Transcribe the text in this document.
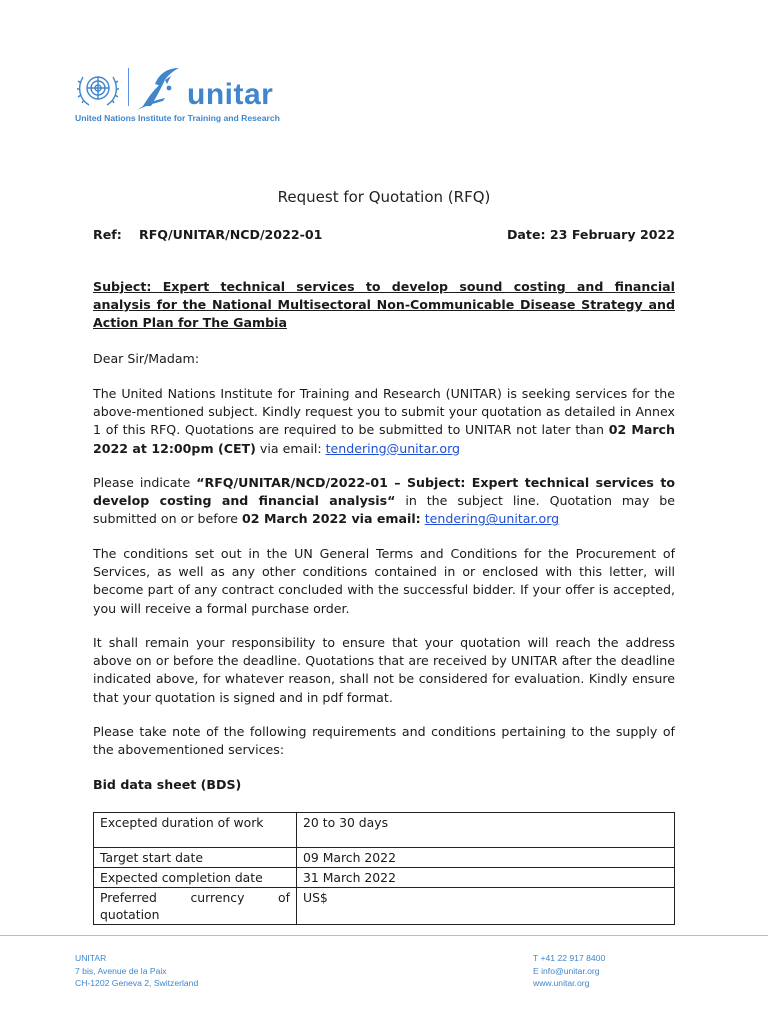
unitar
United Nations Institute for Training and Research
Request for Quotation (RFQ)
Ref: RFQ/UNITAR/NCD/2022-01	Date: 23 February 2022

Subject: Expert technical services to develop sound costing and financial analysis for the National Multisectoral Non-Communicable Disease Strategy and Action Plan for The Gambia

Dear Sir/Madam:

The United Nations Institute for Training and Research (UNITAR) is seeking services for the above-mentioned subject. Kindly request you to submit your quotation as detailed in Annex 1 of this RFQ. Quotations are required to be submitted to UNITAR not later than 02 March 2022 at 12:00pm (CET) via email: tendering@unitar.org

Please indicate “RFQ/UNITAR/NCD/2022-01 – Subject: Expert technical services to develop costing and financial analysis“ in the subject line. Quotation may be submitted on or before 02 March 2022 via email: tendering@unitar.org

The conditions set out in the UN General Terms and Conditions for the Procurement of Services, as well as any other conditions contained in or enclosed with this letter, will become part of any contract concluded with the successful bidder. If your offer is accepted, you will receive a formal purchase order.

It shall remain your responsibility to ensure that your quotation will reach the address above on or before the deadline. Quotations that are received by UNITAR after the deadline indicated above, for whatever reason, shall not be considered for evaluation. Kindly ensure that your quotation is signed and in pdf format.

Please take note of the following requirements and conditions pertaining to the supply of the abovementioned services:

Bid data sheet (BDS)
Excepted duration of work	20 to 30 days
Target start date	09 March 2022
Expected completion date	31 March 2022

Preferred currency of
quotation	US$
UNITAR
7 bis, Avenue de la Paix
CH-1202 Geneva 2, Switzerland
T +41 22 917 8400
E info@unitar.org
www.unitar.org
